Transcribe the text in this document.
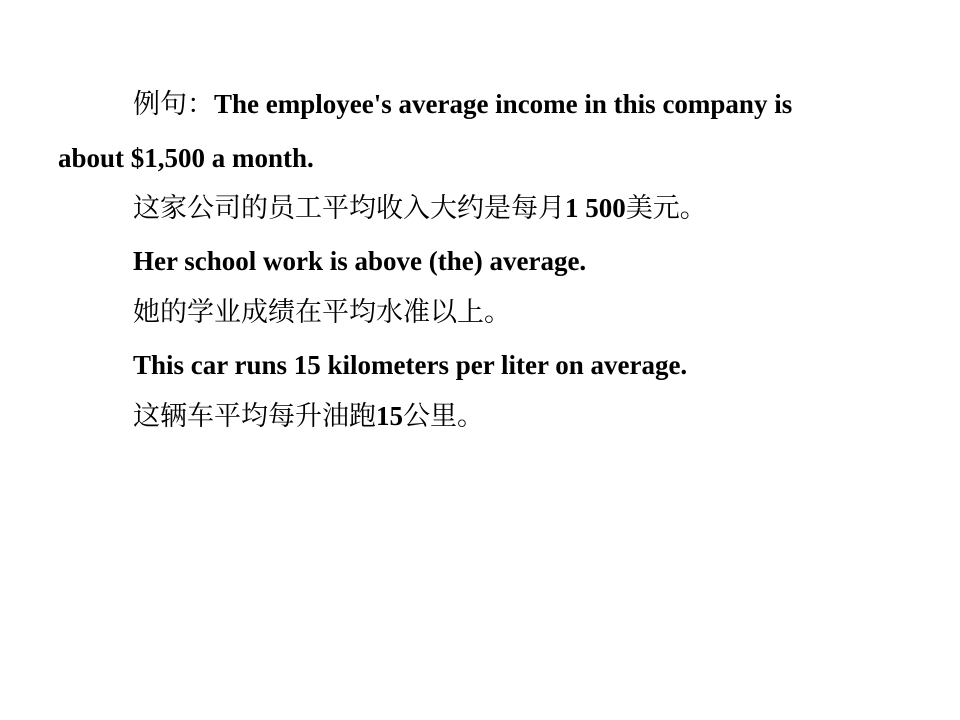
例句：The employee's average income in this company is
about $1,500 a month.
这家公司的员工平均收入大约是每月1 500美元。
Her school work is above (the) average.
她的学业成绩在平均水准以上。
This car runs 15 kilometers per liter on average.
这辆车平均每升油跑15公里。
